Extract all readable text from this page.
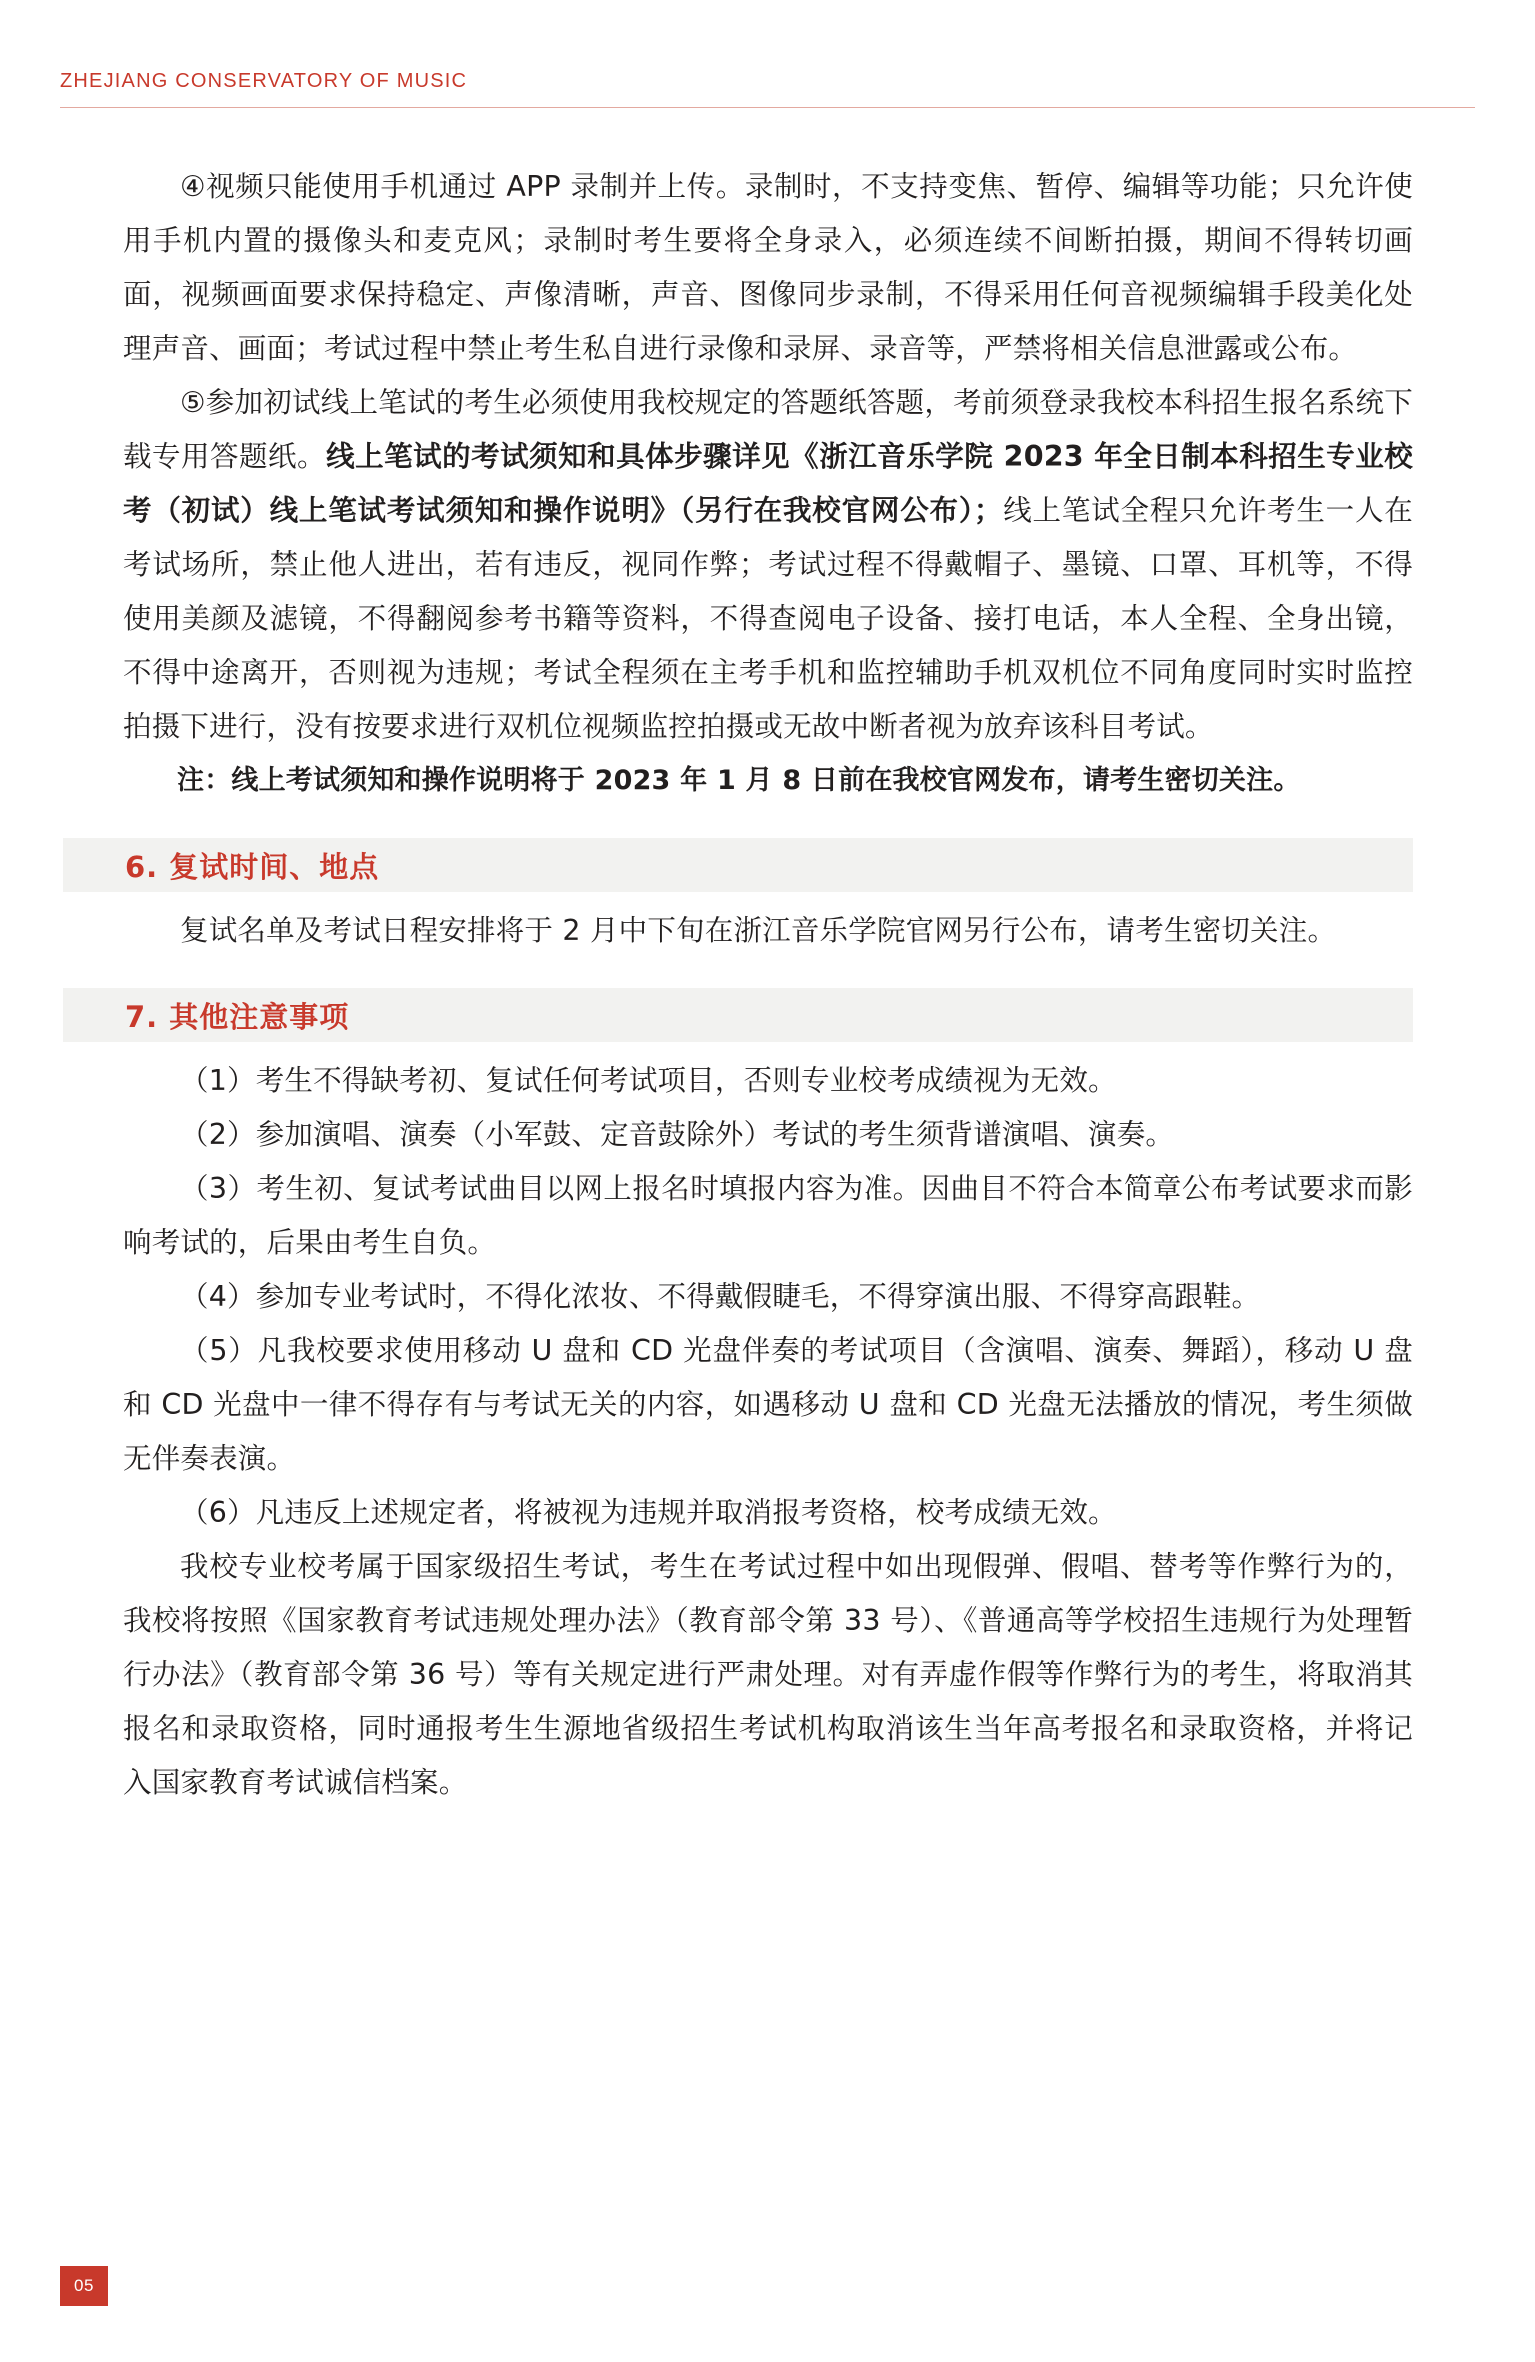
ZHEJIANG CONSERVATORY OF MUSIC

④视频只能使用手机通过 APP 录制并上传。录制时，不支持变焦、暂停、编辑等功能；只允许使用手机内置的摄像头和麦克风；录制时考生要将全身录入，必须连续不间断拍摄，期间不得转切画面，视频画面要求保持稳定、声像清晰，声音、图像同步录制，不得采用任何音视频编辑手段美化处理声音、画面；考试过程中禁止考生私自进行录像和录屏、录音等，严禁将相关信息泄露或公布。

⑤参加初试线上笔试的考生必须使用我校规定的答题纸答题，考前须登录我校本科招生报名系统下载专用答题纸。线上笔试的考试须知和具体步骤详见《浙江音乐学院 2023 年全日制本科招生专业校考（初试）线上笔试考试须知和操作说明》（另行在我校官网公布）；线上笔试全程只允许考生一人在考试场所，禁止他人进出，若有违反，视同作弊；考试过程不得戴帽子、墨镜、口罩、耳机等，不得使用美颜及滤镜，不得翻阅参考书籍等资料，不得查阅电子设备、接打电话，本人全程、全身出镜，不得中途离开，否则视为违规；考试全程须在主考手机和监控辅助手机双机位不同角度同时实时监控拍摄下进行，没有按要求进行双机位视频监控拍摄或无故中断者视为放弃该科目考试。

注：线上考试须知和操作说明将于 2023 年 1 月 8 日前在我校官网发布，请考生密切关注。

6. 复试时间、地点

复试名单及考试日程安排将于 2 月中下旬在浙江音乐学院官网另行公布，请考生密切关注。

7. 其他注意事项

（1）考生不得缺考初、复试任何考试项目，否则专业校考成绩视为无效。

（2）参加演唱、演奏（小军鼓、定音鼓除外）考试的考生须背谱演唱、演奏。

（3）考生初、复试考试曲目以网上报名时填报内容为准。因曲目不符合本简章公布考试要求而影响考试的，后果由考生自负。

（4）参加专业考试时，不得化浓妆、不得戴假睫毛，不得穿演出服、不得穿高跟鞋。

（5）凡我校要求使用移动 U 盘和 CD 光盘伴奏的考试项目（含演唱、演奏、舞蹈），移动 U 盘和 CD 光盘中一律不得存有与考试无关的内容，如遇移动 U 盘和 CD 光盘无法播放的情况，考生须做无伴奏表演。

（6）凡违反上述规定者，将被视为违规并取消报考资格，校考成绩无效。

我校专业校考属于国家级招生考试，考生在考试过程中如出现假弹、假唱、替考等作弊行为的，我校将按照《国家教育考试违规处理办法》（教育部令第 33 号）、《普通高等学校招生违规行为处理暂行办法》（教育部令第 36 号）等有关规定进行严肃处理。对有弄虚作假等作弊行为的考生，将取消其报名和录取资格，同时通报考生生源地省级招生考试机构取消该生当年高考报名和录取资格，并将记入国家教育考试诚信档案。

05
